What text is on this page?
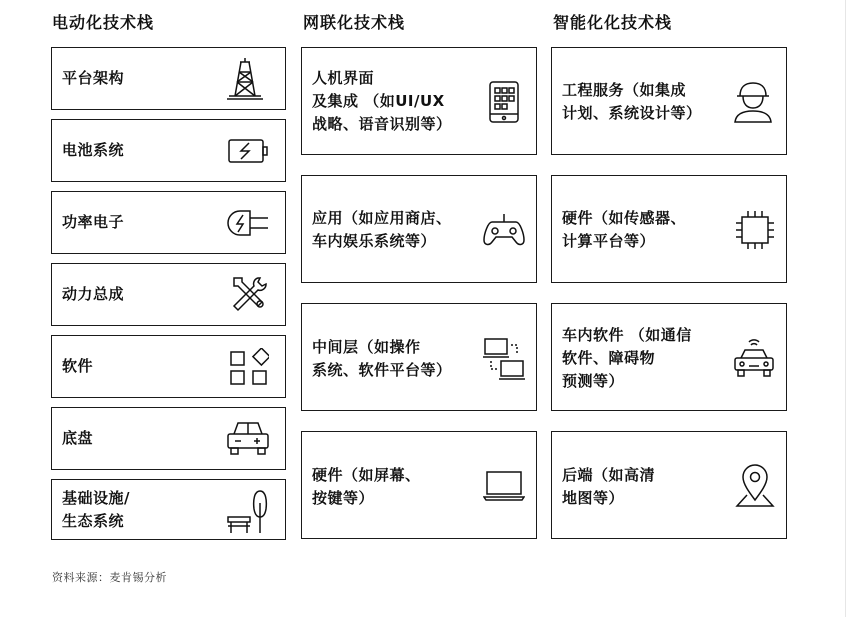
电动化技术栈	网联化技术栈	智能化化技术栈
平台架构
电池系统
功率电子
动力总成
软件
底盘
基础设施/
生态系统
人机界面
及集成 （如UI/UX
战略、语音识别等）
应用（如应用商店、
车内娱乐系统等）
中间层（如操作
系统、软件平台等）
硬件（如屏幕、
按键等）
工程服务（如集成
计划、系统设计等）
硬件（如传感器、
计算平台等）
车内软件 （如通信
软件、障碍物
预测等）
后端（如高清
地图等）
资料来源：麦肯锡分析
